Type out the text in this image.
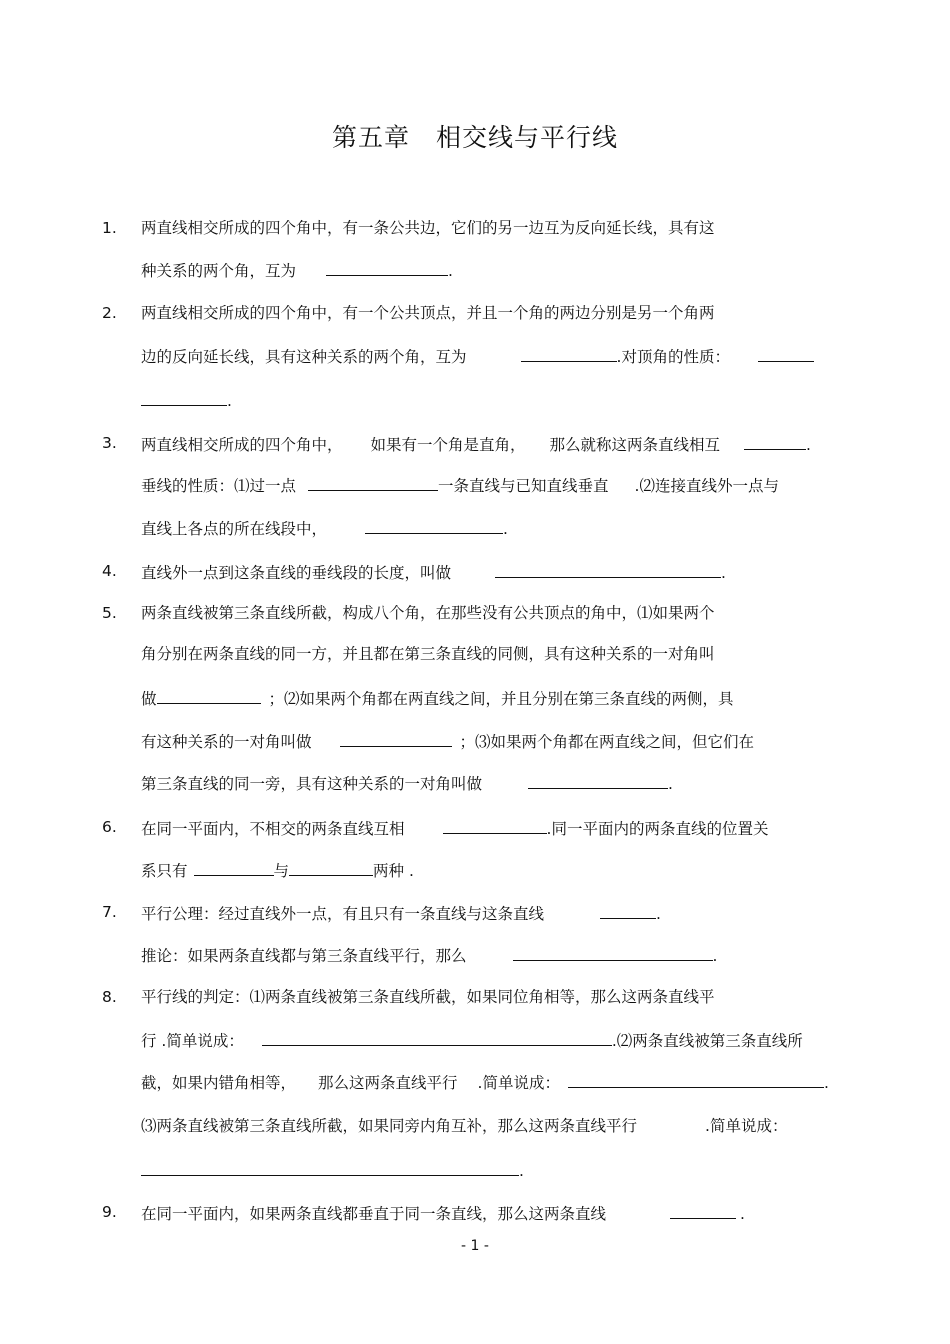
第五章　相交线与平行线
1. 两直线相交所成的四个角中，有一条公共边，它们的另一边互为反向延长线，具有这
种关系的两个角，互为	.
2. 两直线相交所成的四个角中，有一个公共顶点，并且一个角的两边分别是另一个角两
边的反向延长线，具有这种关系的两个角，互为	.对顶角的性质：
.
3. 两直线相交所成的四个角中， 如果有一个角是直角， 那么就称这两条直线相互	.
垂线的性质：⑴过一点	一条直线与已知直线垂直 .⑵连接直线外一点与
直线上各点的所在线段中，	.
4. 直线外一点到这条直线的垂线段的长度，叫做	.
5. 两条直线被第三条直线所截，构成八个角，在那些没有公共顶点的角中，⑴如果两个
角分别在两条直线的同一方，并且都在第三条直线的同侧，具有这种关系的一对角叫
做	；⑵如果两个角都在两直线之间，并且分别在第三条直线的两侧，具
有这种关系的一对角叫做	；⑶如果两个角都在两直线之间，但它们在
第三条直线的同一旁，具有这种关系的一对角叫做	.
6. 在同一平面内，不相交的两条直线互相	.同一平面内的两条直线的位置关
系只有	与	两种 .
7. 平行公理：经过直线外一点，有且只有一条直线与这条直线	.
推论：如果两条直线都与第三条直线平行，那么	.
8. 平行线的判定：⑴两条直线被第三条直线所截，如果同位角相等，那么这两条直线平
行 .简单说成：	.⑵两条直线被第三条直线所
截，如果内错角相等， 那么这两条直线平行 .简单说成：	.
⑶两条直线被第三条直线所截，如果同旁内角互补，那么这两条直线平行	.简单说成：
.
9. 在同一平面内，如果两条直线都垂直于同一条直线，那么这两条直线	.
- 1 -
